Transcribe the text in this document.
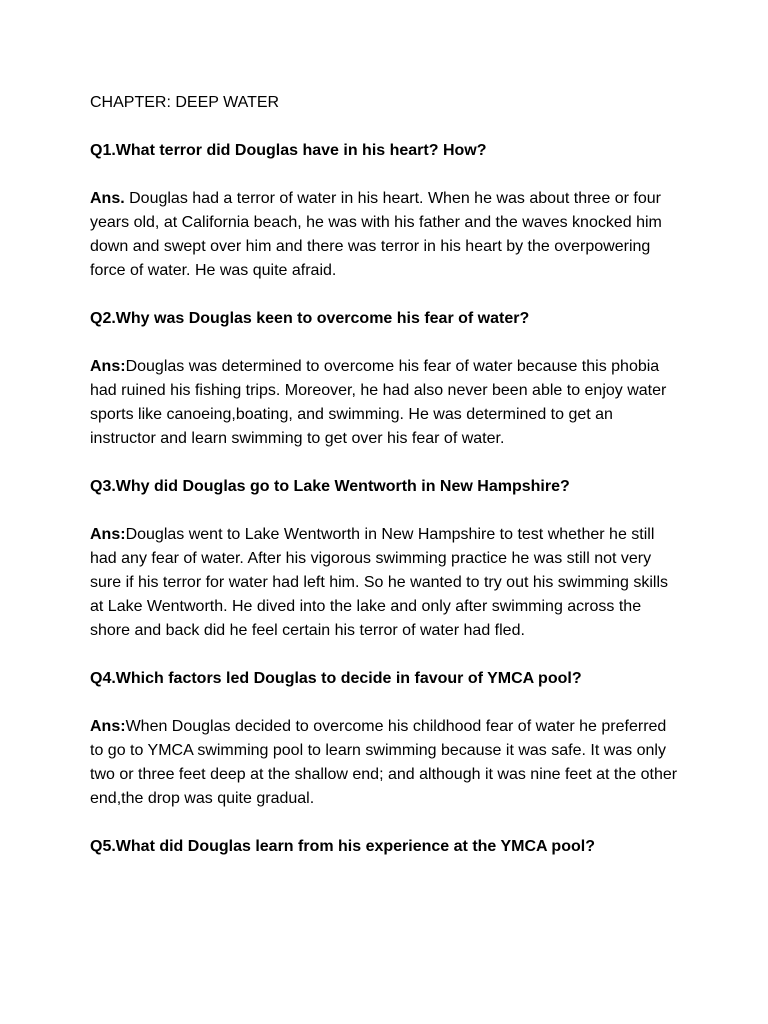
CHAPTER: DEEP WATER

Q1.What terror did Douglas have in his heart? How?

Ans. Douglas had a terror of water in his heart. When he was about three or four years old, at California beach, he was with his father and the waves knocked him down and swept over him and there was terror in his heart by the overpowering force of water. He was quite afraid.

Q2.Why was Douglas keen to overcome his fear of water?

Ans:Douglas was determined to overcome his fear of water because this phobia had ruined his fishing trips. Moreover, he had also never been able to enjoy water sports like canoeing,boating, and swimming. He was determined to get an instructor and learn swimming to get over his fear of water.

Q3.Why did Douglas go to Lake Wentworth in New Hampshire?

Ans:Douglas went to Lake Wentworth in New Hampshire to test whether he still had any fear of water. After his vigorous swimming practice he was still not very sure if his terror for water had left him. So he wanted to try out his swimming skills at Lake Wentworth. He dived into the lake and only after swimming across the shore and back did he feel certain his terror of water had fled.

Q4.Which factors led Douglas to decide in favour of YMCA pool?

Ans:When Douglas decided to overcome his childhood fear of water he preferred to go to YMCA swimming pool to learn swimming because it was safe. It was only two or three feet deep at the shallow end; and although it was nine feet at the other end,the drop was quite gradual.

Q5.What did Douglas learn from his experience at the YMCA pool?
